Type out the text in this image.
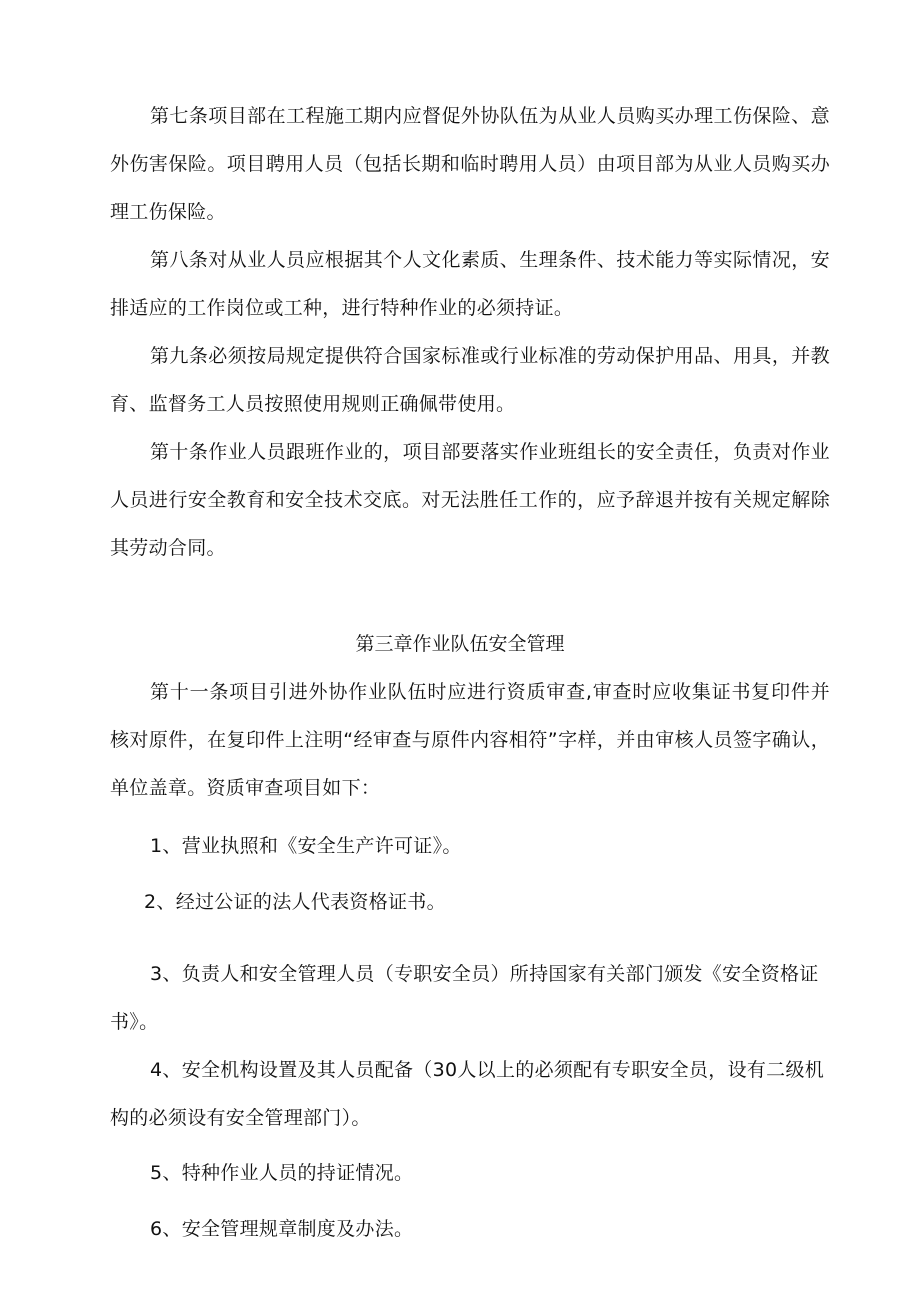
第七条项目部在工程施工期内应督促外协队伍为从业人员购买办理工伤保险、意外伤害保险。项目聘用人员（包括长期和临时聘用人员）由项目部为从业人员购买办理工伤保险。

第八条对从业人员应根据其个人文化素质、生理条件、技术能力等实际情况，安排适应的工作岗位或工种，进行特种作业的必须持证。

第九条必须按局规定提供符合国家标准或行业标准的劳动保护用品、用具，并教育、监督务工人员按照使用规则正确佩带使用。

第十条作业人员跟班作业的，项目部要落实作业班组长的安全责任，负责对作业人员进行安全教育和安全技术交底。对无法胜任工作的，应予辞退并按有关规定解除其劳动合同。

第三章作业队伍安全管理

第十一条项目引进外协作业队伍时应进行资质审查,审查时应收集证书复印件并核对原件，在复印件上注明“经审查与原件内容相符”字样，并由审核人员签字确认，单位盖章。资质审查项目如下：

1、营业执照和《安全生产许可证》。

2、经过公证的法人代表资格证书。

3、负责人和安全管理人员（专职安全员）所持国家有关部门颁发《安全资格证书》。

4、安全机构设置及其人员配备（30人以上的必须配有专职安全员，设有二级机构的必须设有安全管理部门）。

5、特种作业人员的持证情况。

6、安全管理规章制度及办法。
